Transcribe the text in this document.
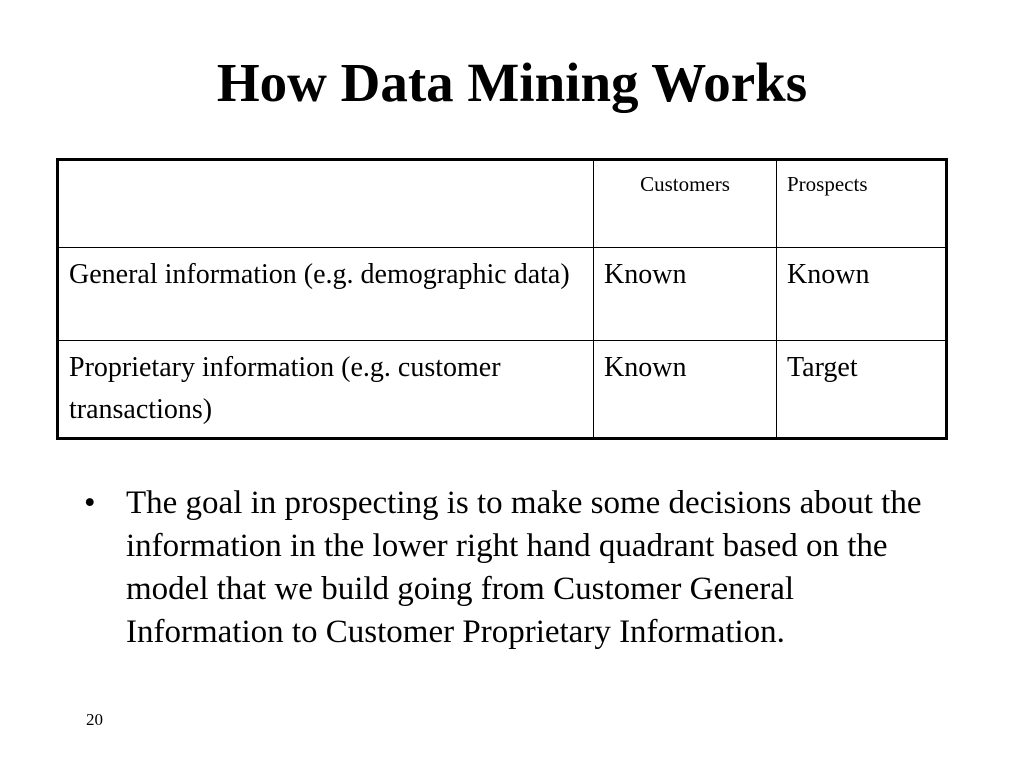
How Data Mining Works
	Customers	Prospects
General information (e.g. demographic data)	Known	Known
Proprietary information (e.g. customer transactions)	Known	Target
• The goal in prospecting is to make some decisions about the information in the lower right hand quadrant based on the model that we build going from Customer General Information to Customer Proprietary Information.
20
